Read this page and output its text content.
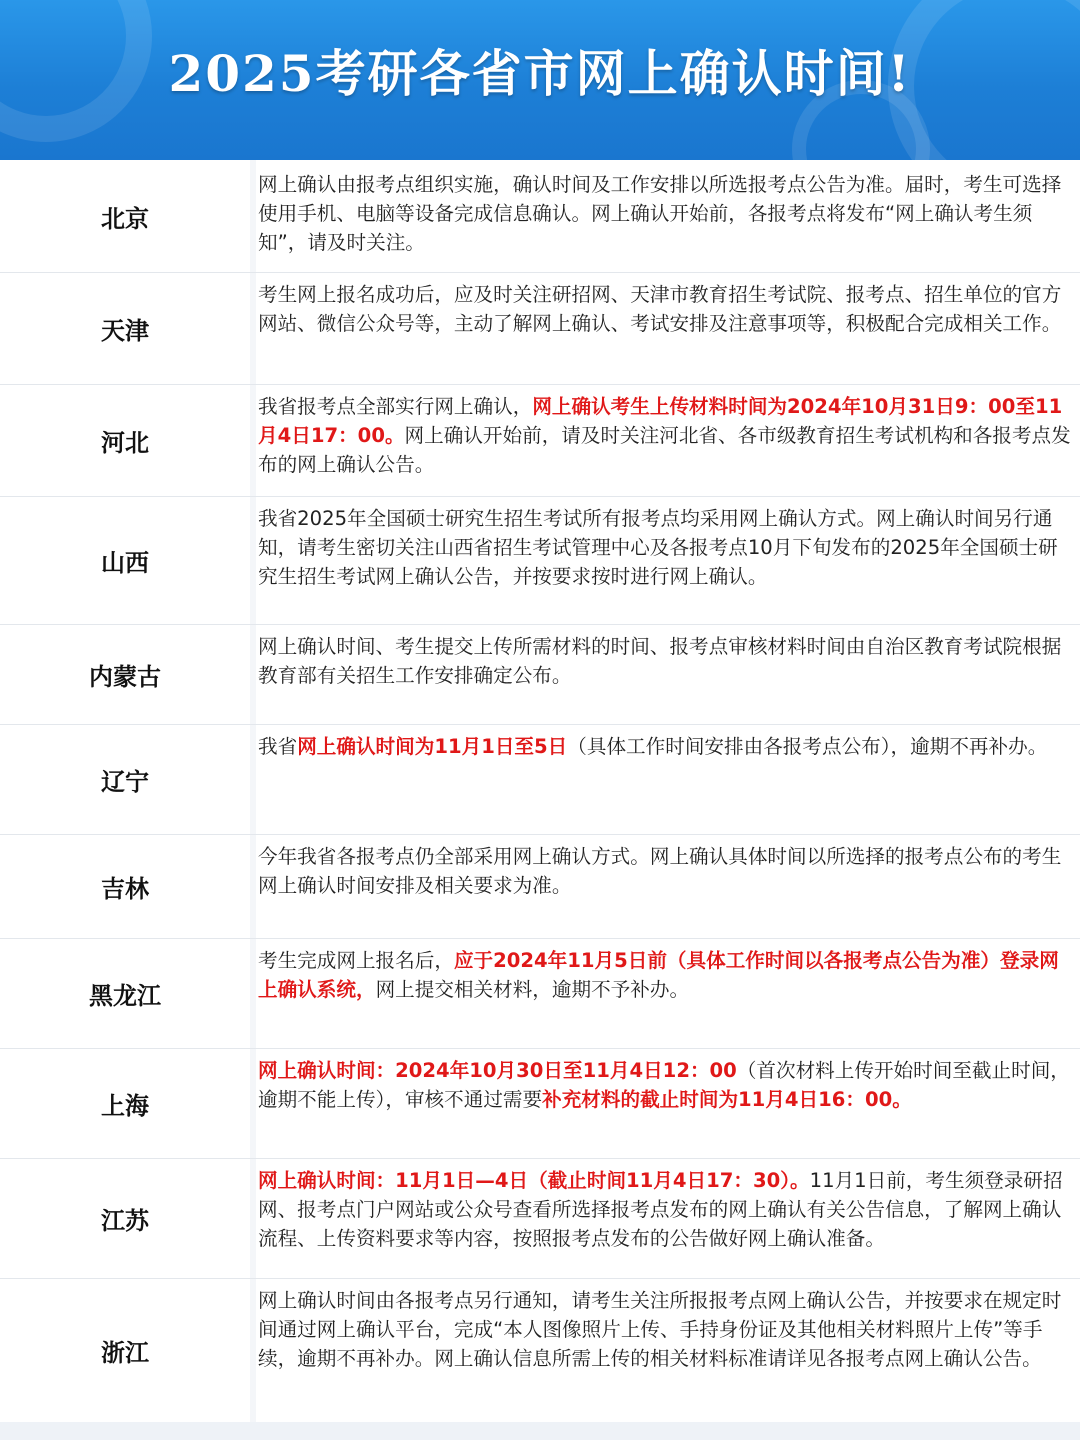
2025考研各省市网上确认时间!
北京

网上确认由报考点组织实施，确认时间及工作安排以所选报考点公告为准。届时，考生可选择使用手机、电脑等设备完成信息确认。网上确认开始前，各报考点将发布“网上确认考生须知”，请及时关注。

天津

考生网上报名成功后，应及时关注研招网、天津市教育招生考试院、报考点、招生单位的官方网站、微信公众号等，主动了解网上确认、考试安排及注意事项等，积极配合完成相关工作。

河北

我省报考点全部实行网上确认，网上确认考生上传材料时间为2024年10月31日9：00至11月4日17：00。网上确认开始前，请及时关注河北省、各市级教育招生考试机构和各报考点发布的网上确认公告。

山西

我省2025年全国硕士研究生招生考试所有报考点均采用网上确认方式。网上确认时间另行通知，请考生密切关注山西省招生考试管理中心及各报考点10月下旬发布的2025年全国硕士研究生招生考试网上确认公告，并按要求按时进行网上确认。

内蒙古

网上确认时间、考生提交上传所需材料的时间、报考点审核材料时间由自治区教育考试院根据教育部有关招生工作安排确定公布。

辽宁

我省网上确认时间为11月1日至5日（具体工作时间安排由各报考点公布），逾期不再补办。

吉林

今年我省各报考点仍全部采用网上确认方式。网上确认具体时间以所选择的报考点公布的考生网上确认时间安排及相关要求为准。

黑龙江

考生完成网上报名后，应于2024年11月5日前（具体工作时间以各报考点公告为准）登录网上确认系统，网上提交相关材料，逾期不予补办。

上海

网上确认时间：2024年10月30日至11月4日12：00（首次材料上传开始时间至截止时间，逾期不能上传），审核不通过需要补充材料的截止时间为11月4日16：00。

江苏

网上确认时间：11月1日—4日（截止时间11月4日17：30）。11月1日前，考生须登录研招网、报考点门户网站或公众号查看所选择报考点发布的网上确认有关公告信息，了解网上确认流程、上传资料要求等内容，按照报考点发布的公告做好网上确认准备。

浙江

网上确认时间由各报考点另行通知，请考生关注所报报考点网上确认公告，并按要求在规定时间通过网上确认平台，完成“本人图像照片上传、手持身份证及其他相关材料照片上传”等手续，逾期不再补办。网上确认信息所需上传的相关材料标准请详见各报考点网上确认公告。
